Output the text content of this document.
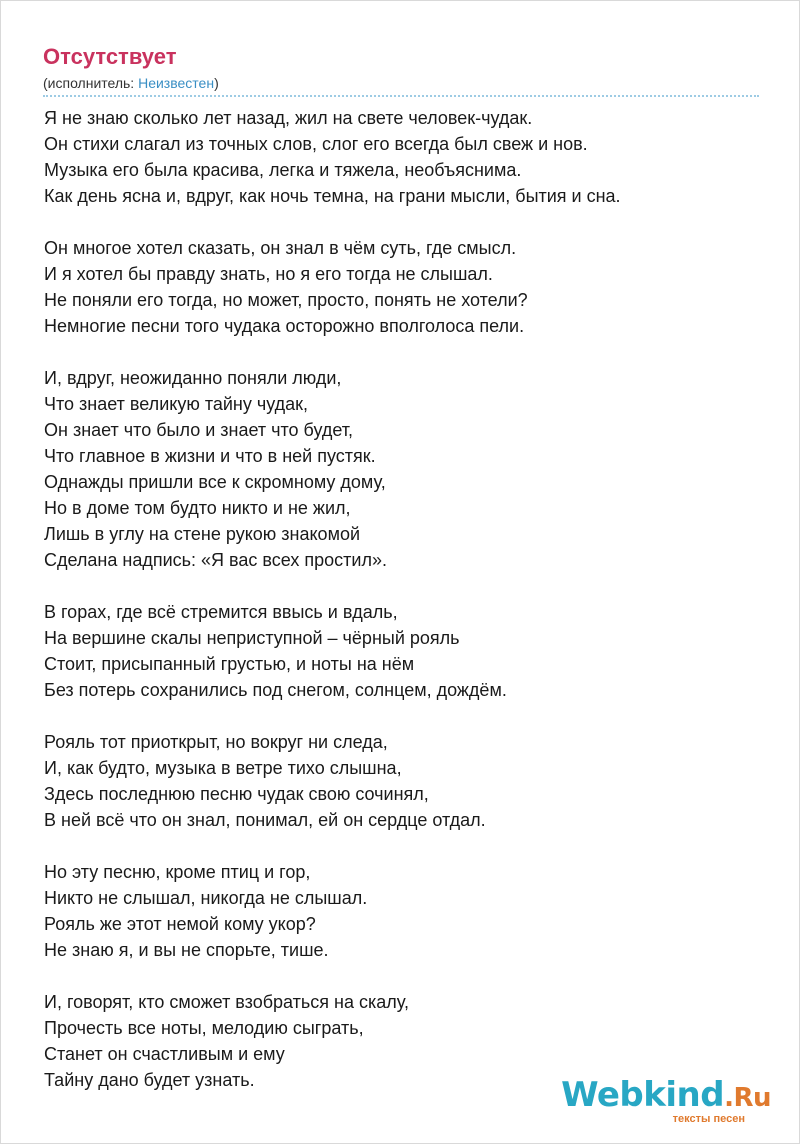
Отсутствует
(исполнитель: Неизвестен)
Я не знаю сколько лет назад, жил на свете человек-чудак.
Он стихи слагал из точных слов, слог его всегда был свеж и нов.
Музыка его была красива, легка и тяжела, необъяснима.
Как день ясна и, вдруг, как ночь темна, на грани мысли, бытия и сна.
Он многое хотел сказать, он знал в чём суть, где смысл.
И я хотел бы правду знать, но я его тогда не слышал.
Не поняли его тогда, но может, просто, понять не хотели?
Немногие песни того чудака осторожно вполголоса пели.
И, вдруг, неожиданно поняли люди,
Что знает великую тайну чудак,
Он знает что было и знает что будет,
Что главное в жизни и что в ней пустяк.
Однажды пришли все к скромному дому,
Но в доме том будто никто и не жил,
Лишь в углу на стене рукою знакомой
Сделана надпись: «Я вас всех простил».
В горах, где всё стремится ввысь и вдаль,
На вершине скалы неприступной – чёрный рояль
Стоит, присыпанный грустью, и ноты на нём
Без потерь сохранились под снегом, солнцем, дождём.
Рояль тот приоткрыт, но вокруг ни следа,
И, как будто, музыка в ветре тихо слышна,
Здесь последнюю песню чудак свою сочинял,
В ней всё что он знал, понимал, ей он сердце отдал.
Но эту песню, кроме птиц и гор,
Никто не слышал, никогда не слышал.
Рояль же этот немой кому укор?
Не знаю я, и вы не спорьте, тише.
И, говорят, кто сможет взобраться на скалу,
Прочесть все ноты, мелодию сыграть,
Станет он счастливым и ему
Тайну дано будет узнать.	Webkind.Ru
тексты песен
